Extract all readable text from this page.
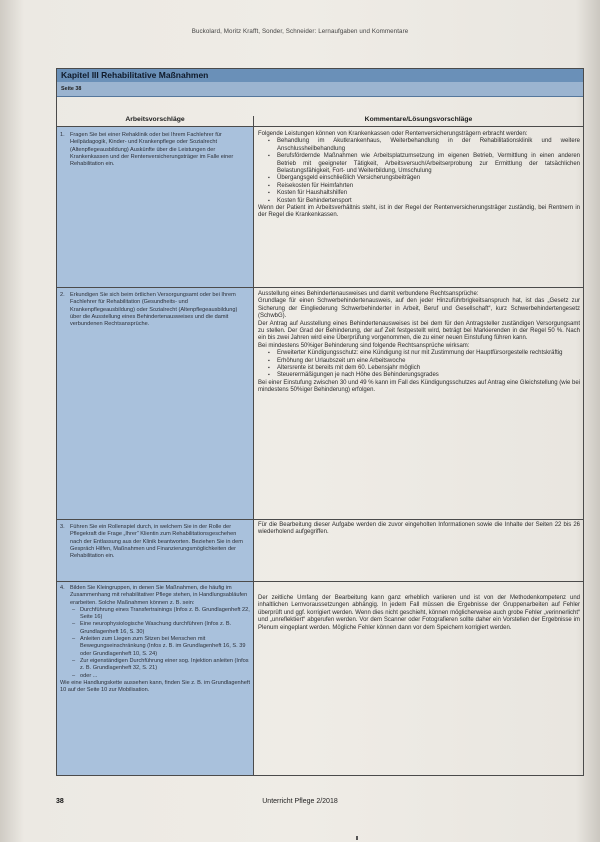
Buckolard, Moritz Krafft, Sonder, Schneider: Lernaufgaben und Kommentare
Kapitel III Rehabilitative Maßnahmen
Seite 38
Arbeitsvorschläge	Kommentare/Lösungsvorschläge
1. Fragen Sie bei einer Rehaklinik oder bei Ihrem Fachlehrer für Heilpädagogik, Kinder- und Krankenpflege oder Sozialrecht (Altenpflegeausbildung) Auskünfte über die Leistungen der Krankenkassen und der Rentenversicherungsträger im Falle einer Rehabilitation ein.

Folgende Leistungen können von Krankenkassen oder Rentenversicherungsträgern erbracht werden:

▪ Behandlung im Akutkrankenhaus, Weiterbehandlung in der Rehabilitationsklinik und weitere Anschlussheilbehandlung
▪ Berufsfördernde Maßnahmen wie Arbeitsplatzumsetzung im eigenen Betrieb, Vermittlung in einen anderen Betrieb mit geeigneter Tätigkeit, Arbeitsversuch/Arbeitserprobung zur Ermittlung der tatsächlichen Belastungsfähigkeit, Fort- und Weiterbildung, Umschulung
▪ Übergangsgeld einschließlich Versicherungsbeiträgen
▪ Reisekosten für Heimfahrten
▪ Kosten für Haushaltshilfen
▪ Kosten für Behindertensport

Wenn der Patient im Arbeitsverhältnis steht, ist in der Regel der Rentenversicherungsträger zuständig, bei Rentnern in der Regel die Krankenkassen.

2. Erkundigen Sie sich beim örtlichen Versorgungsamt oder bei Ihrem Fachlehrer für Rehabilitation (Gesundheits- und Krankenpflegeausbildung) oder Sozialrecht (Altenpflegeausbildung) über die Ausstellung eines Behindertenausweises und die damit verbundenen Rechtsansprüche.

Ausstellung eines Behindertenausweises und damit verbundene Rechtsansprüche:

Grundlage für einen Schwerbehindertenausweis, auf den jeder Hinzuführbrigkeitsanspruch hat, ist das „Gesetz zur Sicherung der Eingliederung Schwerbehinderter in Arbeit, Beruf und Gesellschaft“, kurz Schwerbehindertengesetz (SchwbG).

Der Antrag auf Ausstellung eines Behindertenausweises ist bei dem für den Antragsteller zuständigen Versorgungsamt zu stellen. Der Grad der Behinderung, der auf Zeit festgestellt wird, beträgt bei Markierenden in der Regel 50 %. Nach ein bis zwei Jahren wird eine Überprüfung vorgenommen, die zu einer neuen Einstufung führen kann.

Bei mindestens 50%iger Behinderung sind folgende Rechtsansprüche wirksam:

▪ Erweiterter Kündigungsschutz: eine Kündigung ist nur mit Zustimmung der Hauptfürsorgestelle rechtskräftig
▪ Erhöhung der Urlaubszeit um eine Arbeitswoche
▪ Altersrente ist bereits mit dem 60. Lebensjahr möglich
▪ Steuerermäßigungen je nach Höhe des Behinderungsgrades

Bei einer Einstufung zwischen 30 und 49 % kann im Fall des Kündigungsschutzes auf Antrag eine Gleichstellung (wie bei mindestens 50%iger Behinderung) erfolgen.

3. Führen Sie ein Rollenspiel durch, in welchem Sie in der Rolle der Pflegekraft die Frage „Ihrer“ Klientin zum Rehabilitationsgeschehen nach der Entlassung aus der Klinik beantworten. Beziehen Sie in dem Gespräch Hilfen, Maßnahmen und Finanzierungsmöglichkeiten der Rehabilitation ein.

Für die Bearbeitung dieser Aufgabe werden die zuvor eingeholten Informationen sowie die Inhalte der Seiten 22 bis 26 wiederholend aufgegriffen.

4. Bilden Sie Kleingruppen, in denen Sie Maßnahmen, die häufig im Zusammenhang mit rehabilitativer Pflege stehen, in Handlungsabläufen erarbeiten. Solche Maßnahmen können z. B. sein:
– Durchführung eines Transfertrainings (Infos z. B. Grundlagenheft 22, Seite 16)
– Eine neurophysiologische Waschung durchführen (Infos z. B. Grundlagenheft 16, S. 30)
– Anleiten zum Liegen zum Sitzen bei Menschen mit Bewegungseinschränkung (Infos z. B. im Grundlagenheft 16, S. 39 oder Grundlagenheft 10, S. 24)
– Zur eigenständigen Durchführung einer sog. Injektion anleiten (Infos z. B. Grundlagenheft 32, S. 21)
– oder ...
Wie eine Handlungskette aussehen kann, finden Sie z. B. im Grundlagenheft 10 auf der Seite 10 zur Mobilisation.

Der zeitliche Umfang der Bearbeitung kann ganz erheblich variieren und ist von der Methodenkompetenz und inhaltlichen Lernvoraussetzungen abhängig. In jedem Fall müssen die Ergebnisse der Gruppenarbeiten auf Fehler überprüft und ggf. korrigiert werden. Wenn dies nicht geschieht, können möglicherweise auch grobe Fehler „verinnerlicht“ und „unreflektiert“ abgerufen werden. Vor dem Scanner oder Fotografieren sollte daher ein Vorstellen der Ergebnisse im Plenum eingeplant werden. Mögliche Fehler können dann vor dem Speichern korrigiert werden.

38	Unterricht Pflege 2/2018
